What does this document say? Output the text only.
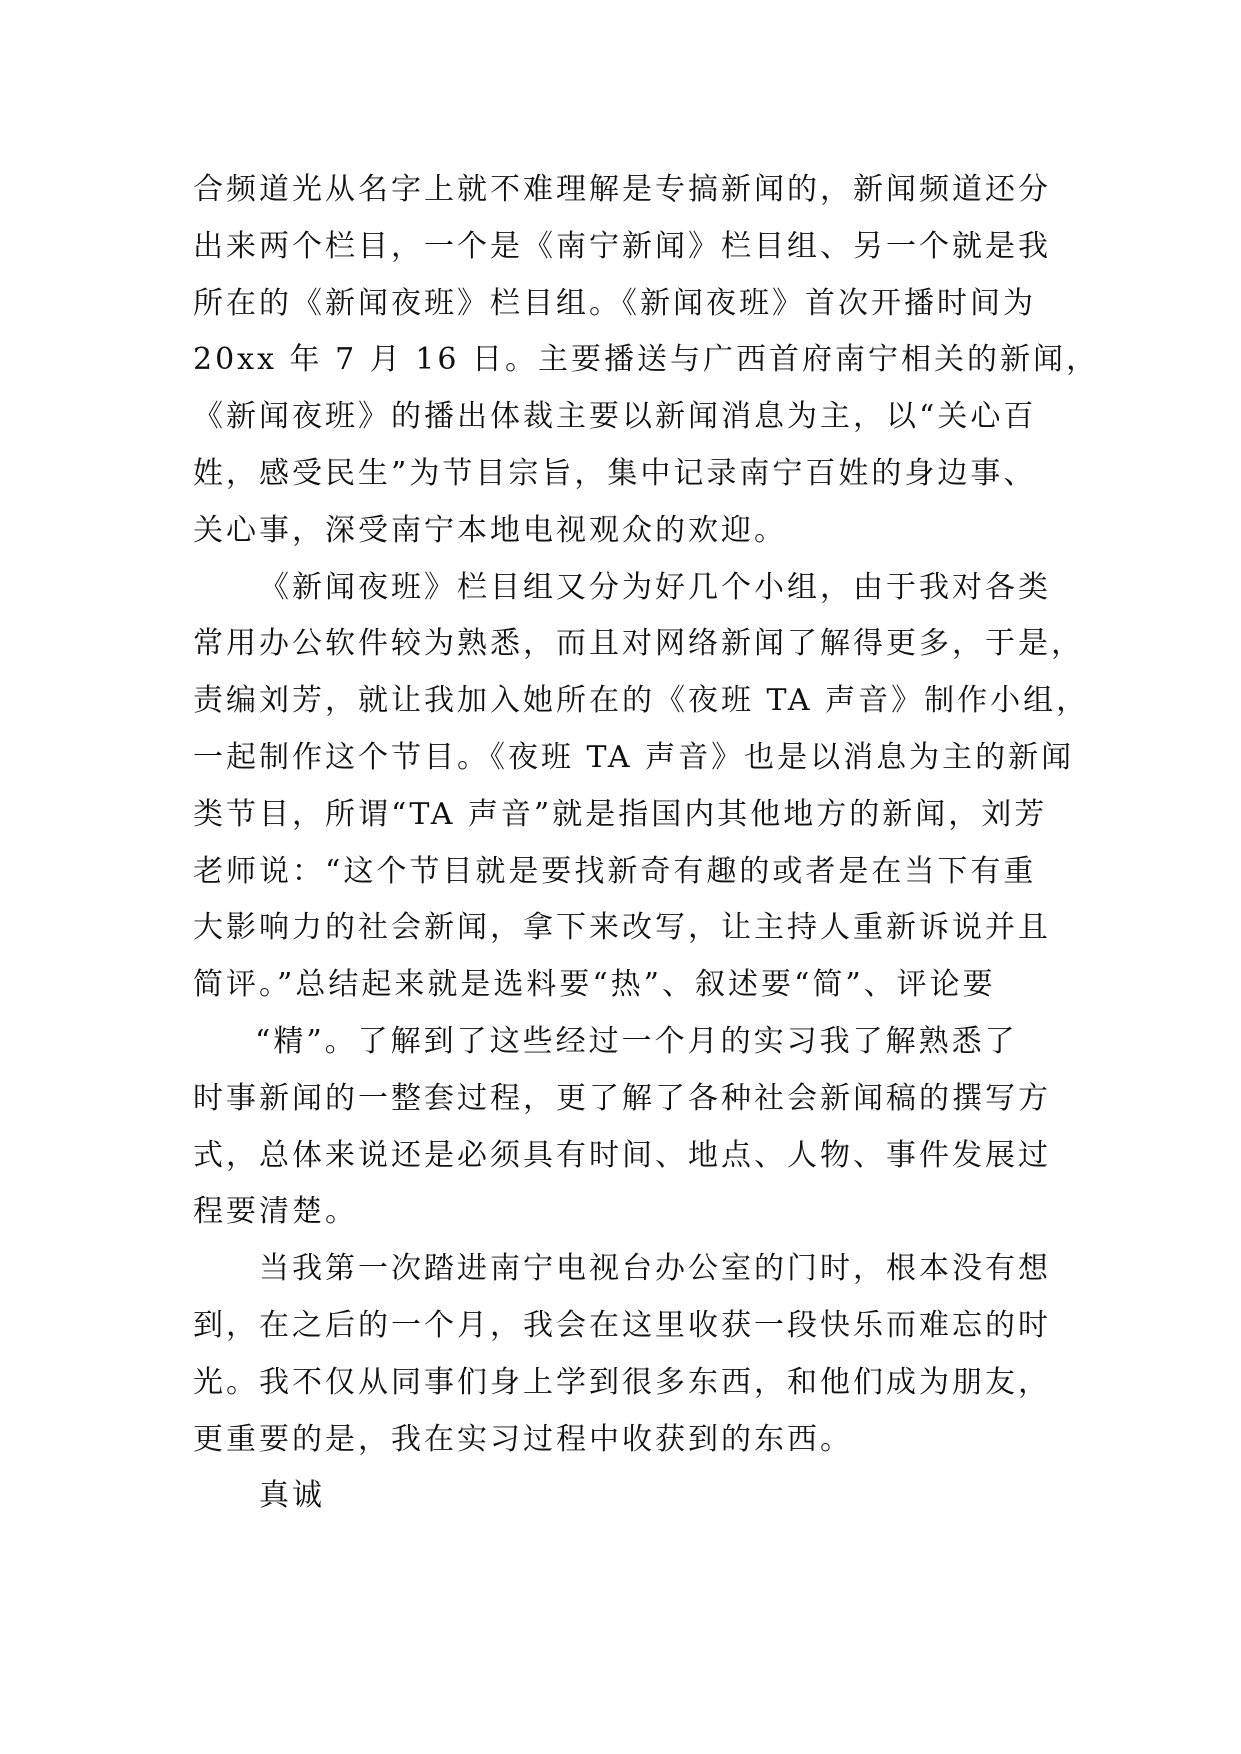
合频道光从名字上就不难理解是专搞新闻的，新闻频道还分
出来两个栏目，一个是《南宁新闻》栏目组、另一个就是我
所在的《新闻夜班》栏目组。《新闻夜班》首次开播时间为
20xx 年 7 月 16 日。主要播送与广西首府南宁相关的新闻，
《新闻夜班》的播出体裁主要以新闻消息为主，以“关心百
姓，感受民生”为节目宗旨，集中记录南宁百姓的身边事、
关心事，深受南宁本地电视观众的欢迎。
《新闻夜班》栏目组又分为好几个小组，由于我对各类
常用办公软件较为熟悉，而且对网络新闻了解得更多，于是，
责编刘芳，就让我加入她所在的《夜班 TA 声音》制作小组，
一起制作这个节目。《夜班 TA 声音》也是以消息为主的新闻
类节目，所谓“TA 声音”就是指国内其他地方的新闻，刘芳
老师说：“这个节目就是要找新奇有趣的或者是在当下有重
大影响力的社会新闻，拿下来改写，让主持人重新诉说并且
简评。”总结起来就是选料要“热”、叙述要“简”、评论要
“精”。了解到了这些经过一个月的实习我了解熟悉了
时事新闻的一整套过程，更了解了各种社会新闻稿的撰写方
式，总体来说还是必须具有时间、地点、人物、事件发展过
程要清楚。
当我第一次踏进南宁电视台办公室的门时，根本没有想
到，在之后的一个月，我会在这里收获一段快乐而难忘的时
光。我不仅从同事们身上学到很多东西，和他们成为朋友，
更重要的是，我在实习过程中收获到的东西。
真诚
